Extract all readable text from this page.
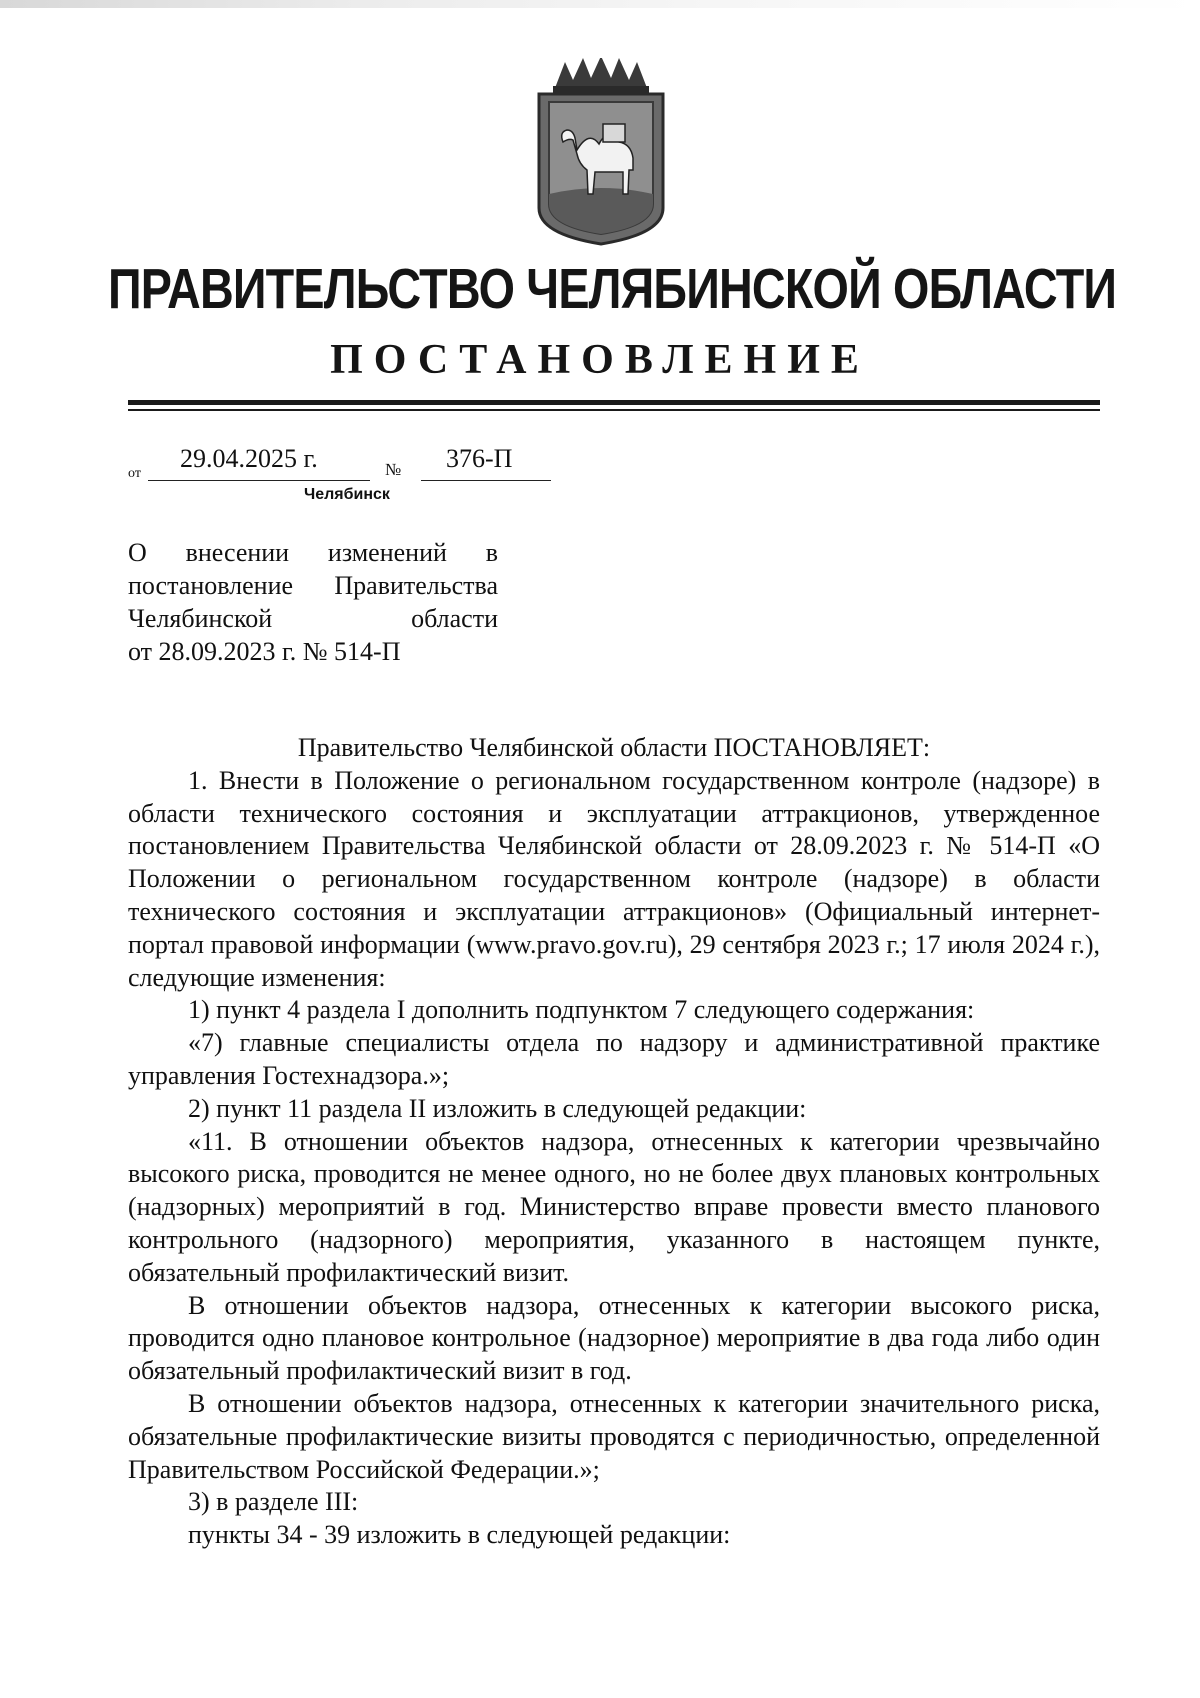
ПРАВИТЕЛЬСТВО ЧЕЛЯБИНСКОЙ ОБЛАСТИ
ПОСТАНОВЛЕНИЕ
от
29.04.2025 г.	№ 376-П
Челябинск
О внесении изменений в
постановление Правительства
Челябинской области
от 28.09.2023 г. № 514-П

Правительство Челябинской области ПОСТАНОВЛЯЕТ:

1. Внести в Положение о региональном государственном контроле (надзоре) в области технического состояния и эксплуатации аттракционов, утвержденное постановлением Правительства Челябинской области от 28.09.2023 г. № 514-П «О Положении о региональном государственном контроле (надзоре) в области технического состояния и эксплуатации аттракционов» (Официальный интернет-портал правовой информации (www.pravo.gov.ru), 29 сентября 2023 г.; 17 июля 2024 г.), следующие изменения:

1) пункт 4 раздела I дополнить подпунктом 7 следующего содержания:

«7) главные специалисты отдела по надзору и административной практике управления Гостехнадзора.»;

2) пункт 11 раздела II изложить в следующей редакции:

«11. В отношении объектов надзора, отнесенных к категории чрезвычайно высокого риска, проводится не менее одного, но не более двух плановых контрольных (надзорных) мероприятий в год. Министерство вправе провести вместо планового контрольного (надзорного) мероприятия, указанного в настоящем пункте, обязательный профилактический визит.

В отношении объектов надзора, отнесенных к категории высокого риска, проводится одно плановое контрольное (надзорное) мероприятие в два года либо один обязательный профилактический визит в год.

В отношении объектов надзора, отнесенных к категории значительного риска, обязательные профилактические визиты проводятся с периодичностью, определенной Правительством Российской Федерации.»;

3) в разделе III:

пункты 34 - 39 изложить в следующей редакции:
